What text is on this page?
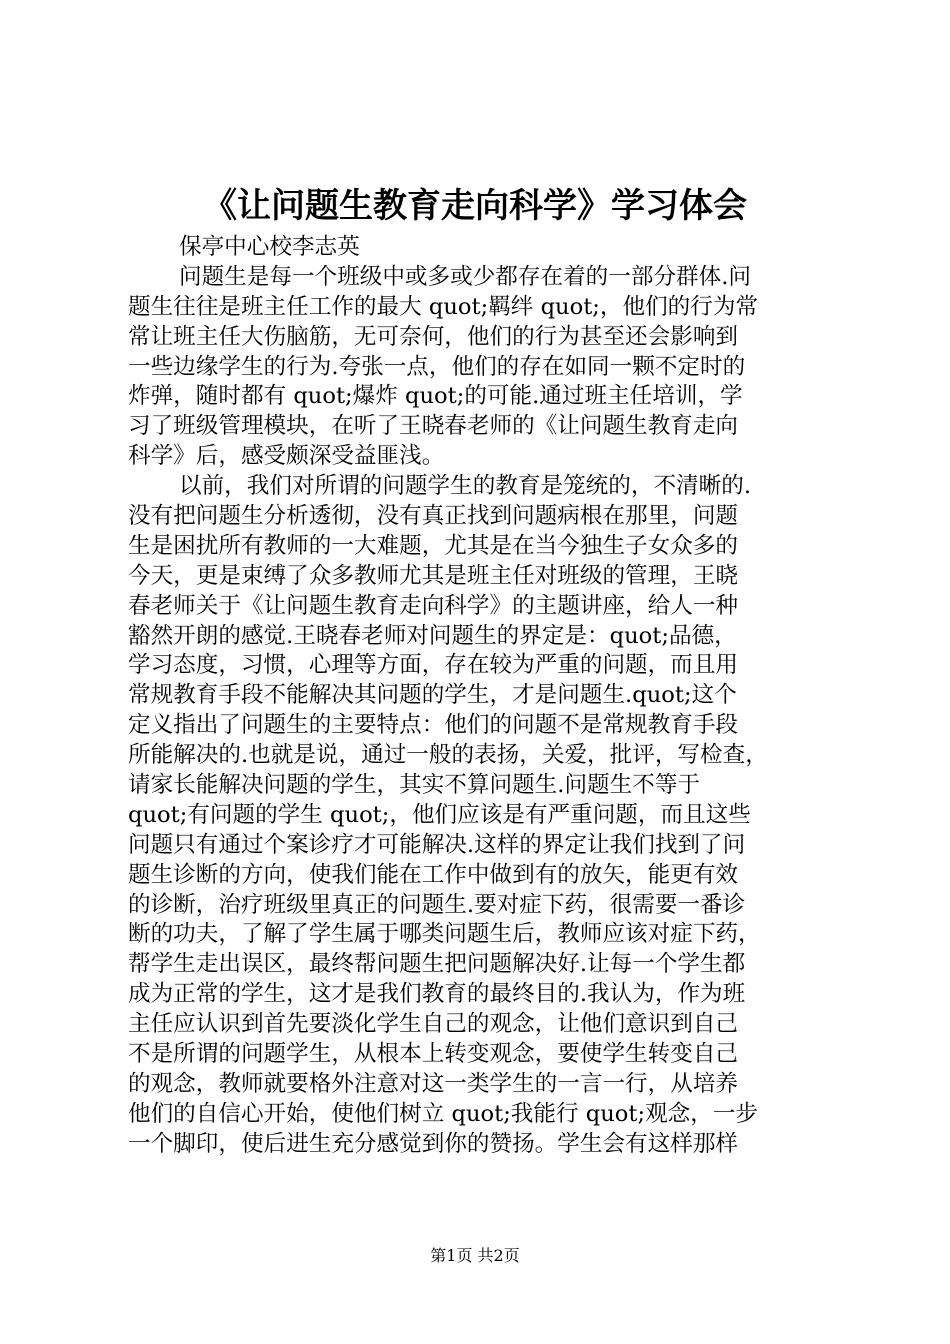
《让问题生教育走向科学》学习体会
保亭中心校李志英
问题生是每一个班级中或多或少都存在着的一部分群体.问
题生往往是班主任工作的最大 quot;羁绊 quot;，他们的行为常
常让班主任大伤脑筋，无可奈何，他们的行为甚至还会影响到
一些边缘学生的行为.夸张一点，他们的存在如同一颗不定时的
炸弹，随时都有 quot;爆炸 quot;的可能.通过班主任培训，学
习了班级管理模块，在听了王晓春老师的《让问题生教育走向
科学》后，感受颇深受益匪浅。
以前，我们对所谓的问题学生的教育是笼统的，不清晰的.
没有把问题生分析透彻，没有真正找到问题病根在那里，问题
生是困扰所有教师的一大难题，尤其是在当今独生子女众多的
今天，更是束缚了众多教师尤其是班主任对班级的管理，王晓
春老师关于《让问题生教育走向科学》的主题讲座，给人一种
豁然开朗的感觉.王晓春老师对问题生的界定是：quot;品德，
学习态度，习惯，心理等方面，存在较为严重的问题，而且用
常规教育手段不能解决其问题的学生，才是问题生.quot;这个
定义指出了问题生的主要特点：他们的问题不是常规教育手段
所能解决的.也就是说，通过一般的表扬，关爱，批评，写检查，
请家长能解决问题的学生，其实不算问题生.问题生不等于
quot;有问题的学生 quot;，他们应该是有严重问题，而且这些
问题只有通过个案诊疗才可能解决.这样的界定让我们找到了问
题生诊断的方向，使我们能在工作中做到有的放矢，能更有效
的诊断，治疗班级里真正的问题生.要对症下药，很需要一番诊
断的功夫，了解了学生属于哪类问题生后，教师应该对症下药，
帮学生走出误区，最终帮问题生把问题解决好.让每一个学生都
成为正常的学生，这才是我们教育的最终目的.我认为，作为班
主任应认识到首先要淡化学生自己的观念，让他们意识到自己
不是所谓的问题学生，从根本上转变观念，要使学生转变自己
的观念，教师就要格外注意对这一类学生的一言一行，从培养
他们的自信心开始，使他们树立 quot;我能行 quot;观念，一步
一个脚印，使后进生充分感觉到你的赞扬。学生会有这样那样
第1页 共2页
